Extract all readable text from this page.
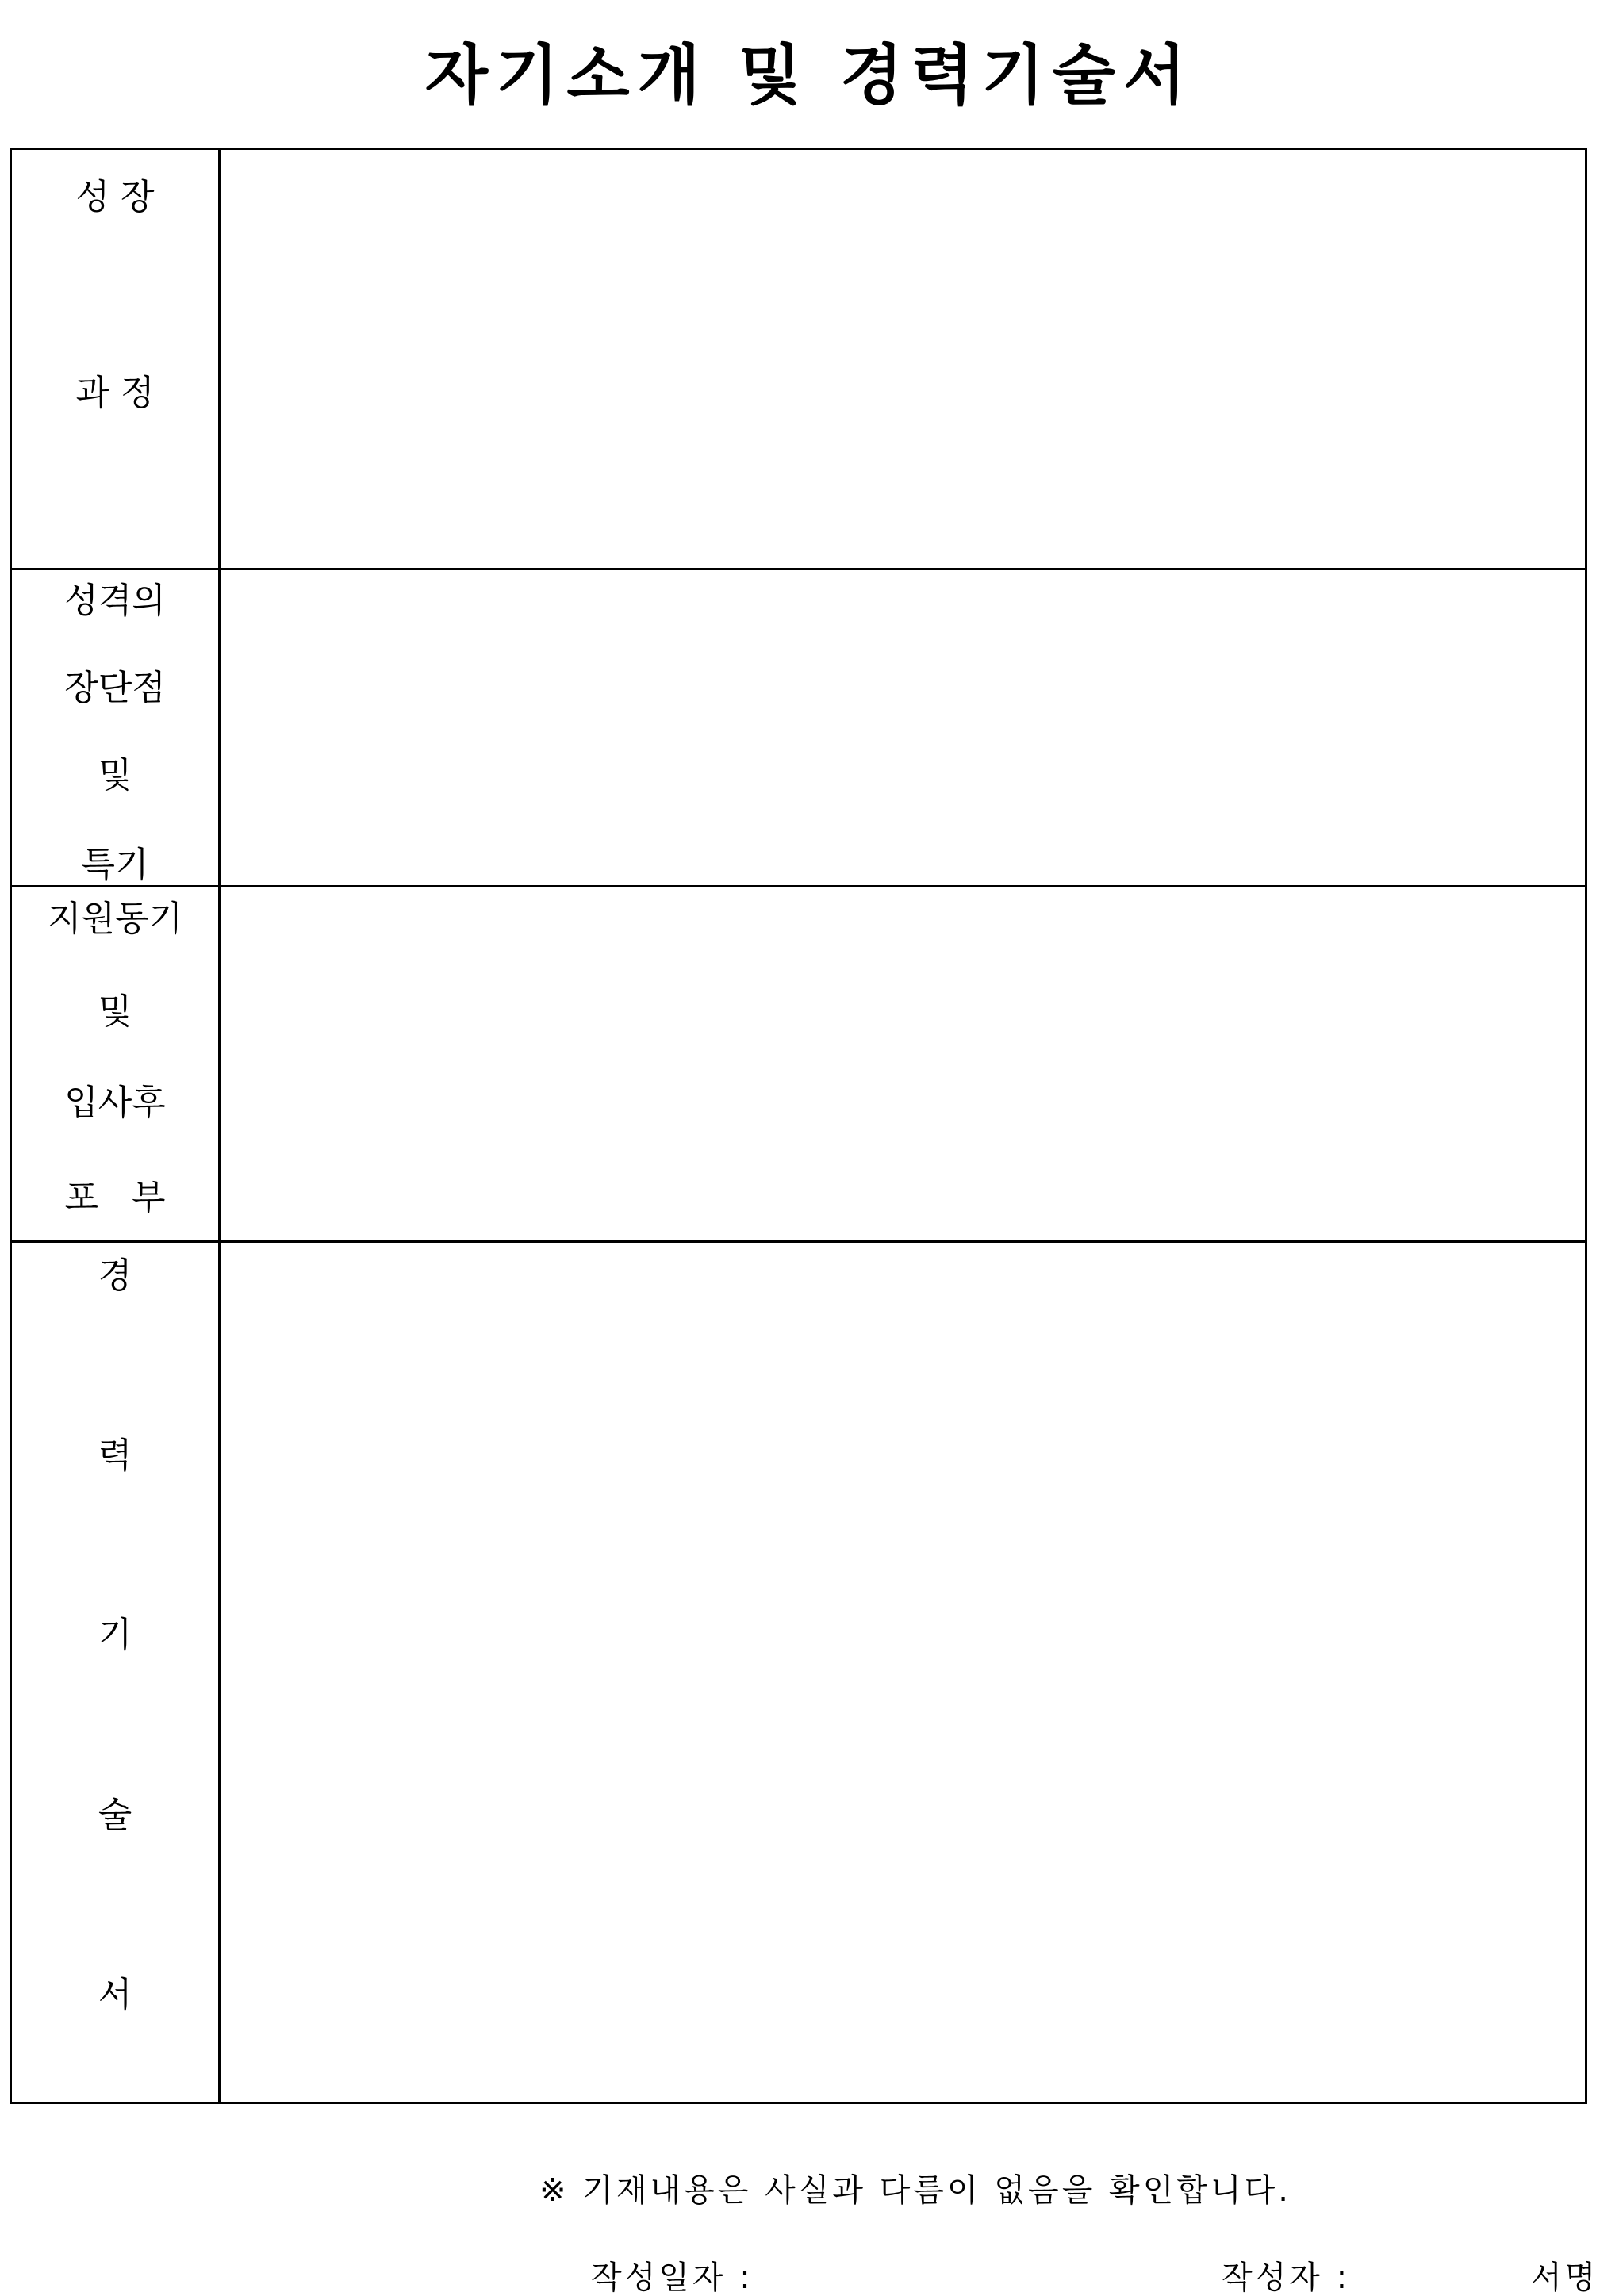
자기소개 및 경력기술서
성 장
과 정	

성격의
장단점
및
특기	

지원동기
및
입사후
포   부	

경
력
기
술
서	

※ 기재내용은 사실과 다름이 없음을 확인합니다.
작성일자 :	작성자 :	서명
